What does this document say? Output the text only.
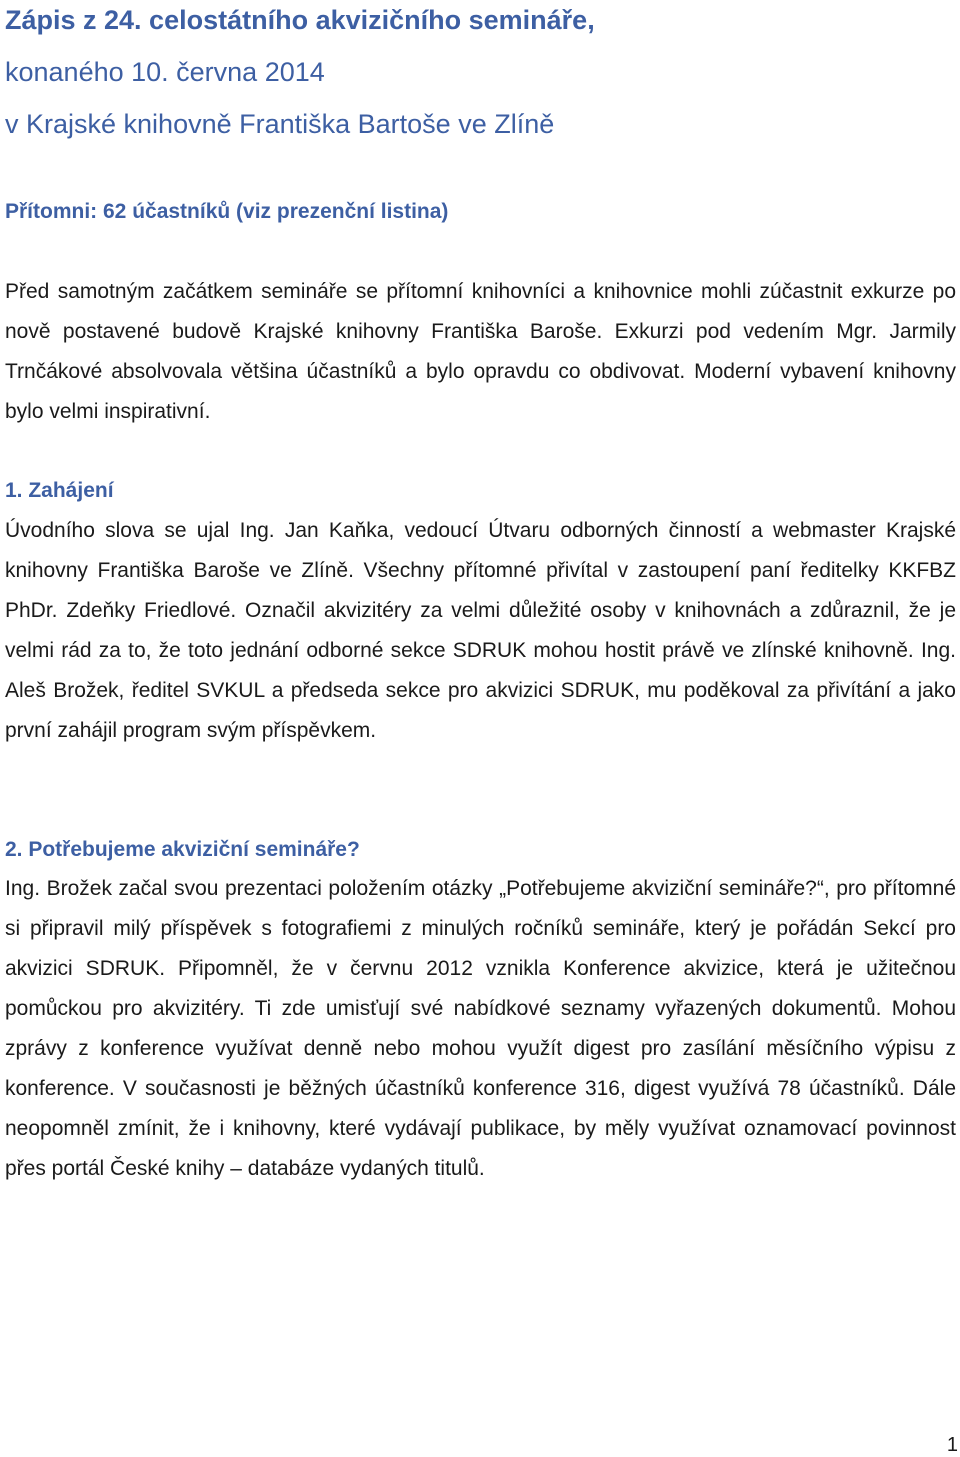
Zápis z 24. celostátního akvizičního semináře,
konaného 10. června 2014
v Krajské knihovně Františka Bartoše ve Zlíně

Přítomni: 62 účastníků (viz prezenční listina)

Před samotným začátkem semináře se přítomní knihovníci a knihovnice mohli zúčastnit exkurze po nově postavené budově Krajské knihovny Františka Baroše. Exkurzi pod vedením Mgr. Jarmily Trnčákové absolvovala většina účastníků a bylo opravdu co obdivovat. Moderní vybavení knihovny bylo velmi inspirativní.

1. Zahájení

Úvodního slova se ujal Ing. Jan Kaňka, vedoucí Útvaru odborných činností a webmaster Krajské knihovny Františka Baroše ve Zlíně. Všechny přítomné přivítal v zastoupení paní ředitelky KKFBZ PhDr. Zdeňky Friedlové. Označil akvizitéry za velmi důležité osoby v knihovnách a zdůraznil, že je velmi rád za to, že toto jednání odborné sekce SDRUK mohou hostit právě ve zlínské knihovně. Ing. Aleš Brožek, ředitel SVKUL a předseda sekce pro akvizici SDRUK, mu poděkoval za přivítání a jako první zahájil program svým příspěvkem.

2. Potřebujeme akviziční semináře?

Ing. Brožek začal svou prezentaci položením otázky „Potřebujeme akviziční semináře?“, pro přítomné si připravil milý příspěvek s fotografiemi z minulých ročníků semináře, který je pořádán Sekcí pro akvizici SDRUK. Připomněl, že v červnu 2012 vznikla Konference akvizice, která je užitečnou pomůckou pro akvizitéry. Ti zde umisťují své nabídkové seznamy vyřazených dokumentů. Mohou zprávy z konference využívat denně nebo mohou využít digest pro zasílání měsíčního výpisu z konference. V současnosti je běžných účastníků konference 316, digest využívá 78 účastníků. Dále neopomněl zmínit, že i knihovny, které vydávají publikace, by měly využívat oznamovací povinnost přes portál České knihy – databáze vydaných titulů.

1
